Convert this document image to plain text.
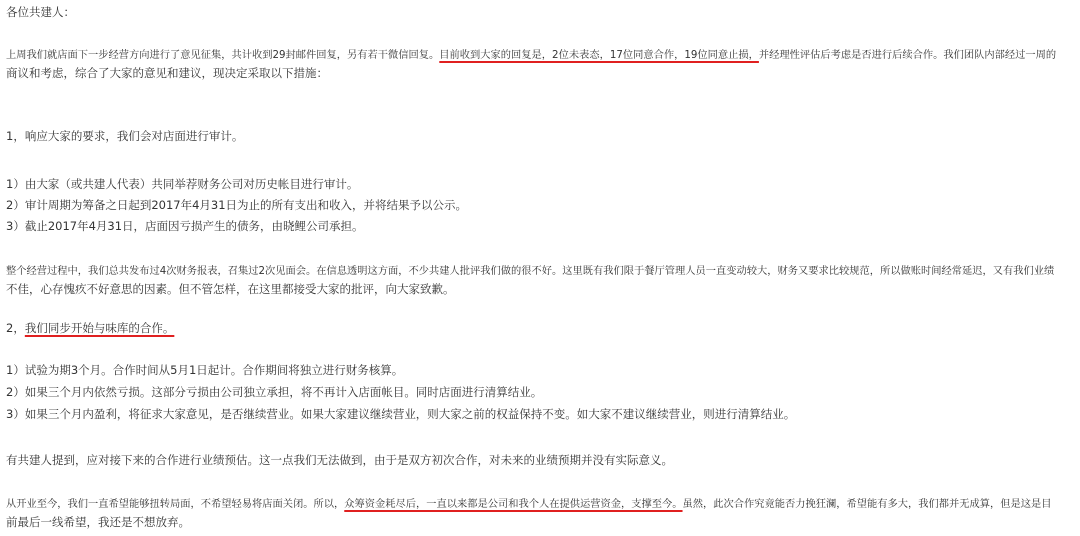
各位共建人：
上周我们就店面下一步经营方向进行了意见征集，共计收到29封邮件回复，另有若干微信回复。目前收到大家的回复是，2位未表态，17位同意合作，19位同意止损，并经理性评估后考虑是否进行后续合作。我们团队内部经过一周的
商议和考虑，综合了大家的意见和建议，现决定采取以下措施：
1，响应大家的要求，我们会对店面进行审计。
1）由大家（或共建人代表）共同举荐财务公司对历史帐目进行审计。
2）审计周期为筹备之日起到2017年4月31日为止的所有支出和收入，并将结果予以公示。
3）截止2017年4月31日，店面因亏损产生的债务，由晓鲤公司承担。
整个经营过程中，我们总共发布过4次财务报表，召集过2次见面会。在信息透明这方面，不少共建人批评我们做的很不好。这里既有我们限于餐厅管理人员一直变动较大，财务又要求比较规范，所以做账时间经常延迟，又有我们业绩
不佳，心存愧疚不好意思的因素。但不管怎样，在这里都接受大家的批评，向大家致歉。
2，我们同步开始与味库的合作。
1）试验为期3个月。合作时间从5月1日起计。合作期间将独立进行财务核算。
2）如果三个月内依然亏损。这部分亏损由公司独立承担，将不再计入店面帐目。同时店面进行清算结业。
3）如果三个月内盈利，将征求大家意见，是否继续营业。如果大家建议继续营业，则大家之前的权益保持不变。如大家不建议继续营业，则进行清算结业。
有共建人提到，应对接下来的合作进行业绩预估。这一点我们无法做到，由于是双方初次合作，对未来的业绩预期并没有实际意义。
从开业至今，我们一直希望能够扭转局面，不希望轻易将店面关闭。所以，众筹资金耗尽后，一直以来都是公司和我个人在提供运营资金，支撑至今。虽然，此次合作究竟能否力挽狂澜，希望能有多大，我们都并无成算，但是这是目
前最后一线希望，我还是不想放弃。
